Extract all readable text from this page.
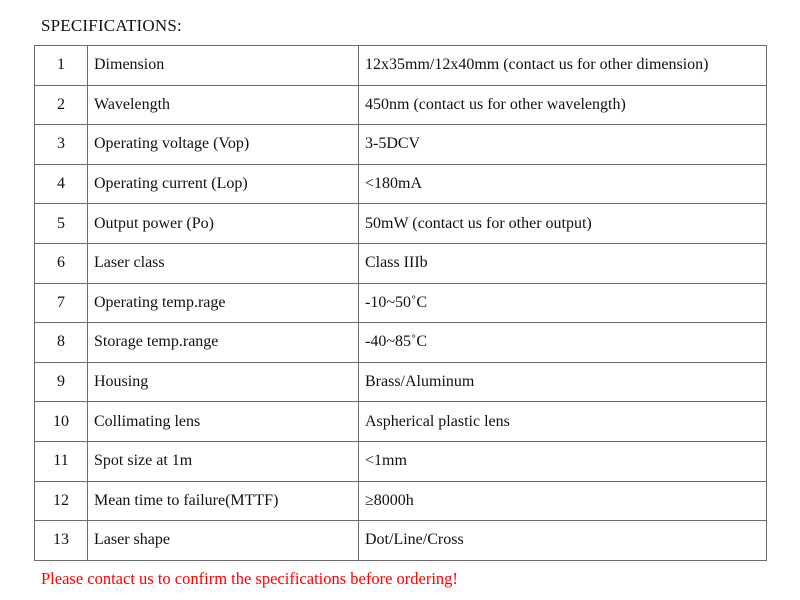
SPECIFICATIONS:
1	Dimension	12x35mm/12x40mm (contact us for other dimension)
2	Wavelength	450nm (contact us for other wavelength)
3	Operating voltage (Vop)	3-5DCV
4	Operating current (Lop)	<180mA
5	Output power (Po)	50mW (contact us for other output)
6	Laser class	Class IIIb
7	Operating temp.rage	-10~50˚C
8	Storage temp.range	-40~85˚C
9	Housing	Brass/Aluminum
10	Collimating lens	Aspherical plastic lens
11	Spot size at 1m	<1mm
12	Mean time to failure(MTTF)	≥8000h
13	Laser shape	Dot/Line/Cross
Please contact us to confirm the specifications before ordering!
